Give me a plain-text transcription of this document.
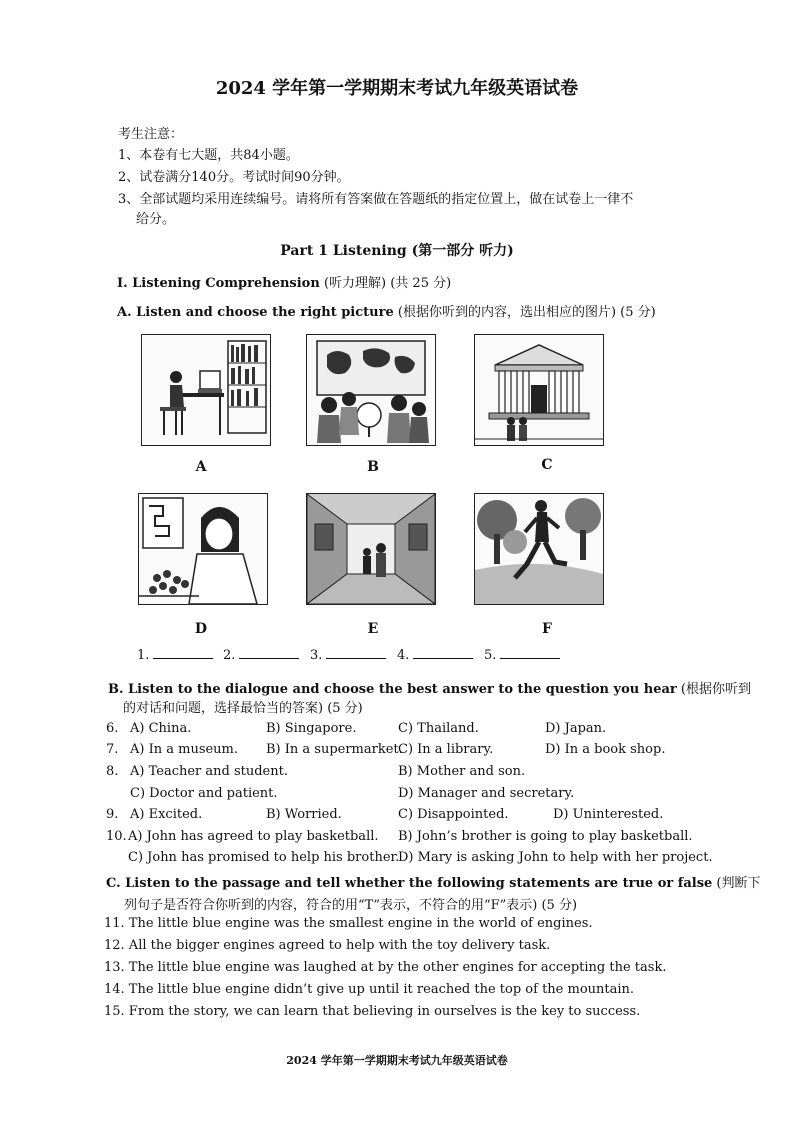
2024 学年第一学期期末考试九年级英语试卷
考生注意：
1、本卷有七大题，共84小题。
2、试卷满分140分。考试时间90分钟。
3、全部试题均采用连续编号。请将所有答案做在答题纸的指定位置上，做在试卷上一律不
给分。
Part 1 Listening (第一部分 听力)
I. Listening Comprehension (听力理解) (共 25 分)
A. Listen and choose the right picture (根据你听到的内容，选出相应的图片) (5 分)
A	B	C
D	E	F
1.	2.	3.	4.	5.
B. Listen to the dialogue and choose the best answer to the question you hear (根据你听到
的对话和问题，选择最恰当的答案) (5 分)
6. A) China.	B) Singapore.	C) Thailand.	D) Japan.
7. A) In a museum. B) In a supermarket.
C) In a library.	D) In a book shop.
8. A) Teacher and student.	B) Mother and son.
C) Doctor and patient.	D) Manager and secretary.
9. A) Excited.	B) Worried.	C) Disappointed.	D) Uninterested.
10. A) John has agreed to play basketball. B) John’s brother is going to play basketball.
C) John has promised to help his brother.
D) Mary is asking John to help with her project.
C. Listen to the passage and tell whether the following statements are true or false (判断下
列句子是否符合你听到的内容，符合的用“T”表示，不符合的用“F”表示) (5 分)
11. The little blue engine was the smallest engine in the world of engines.
12. All the bigger engines agreed to help with the toy delivery task.
13. The little blue engine was laughed at by the other engines for accepting the task.
14. The little blue engine didn’t give up until it reached the top of the mountain.
15. From the story, we can learn that believing in ourselves is the key to success.
2024 学年第一学期期末考试九年级英语试卷
